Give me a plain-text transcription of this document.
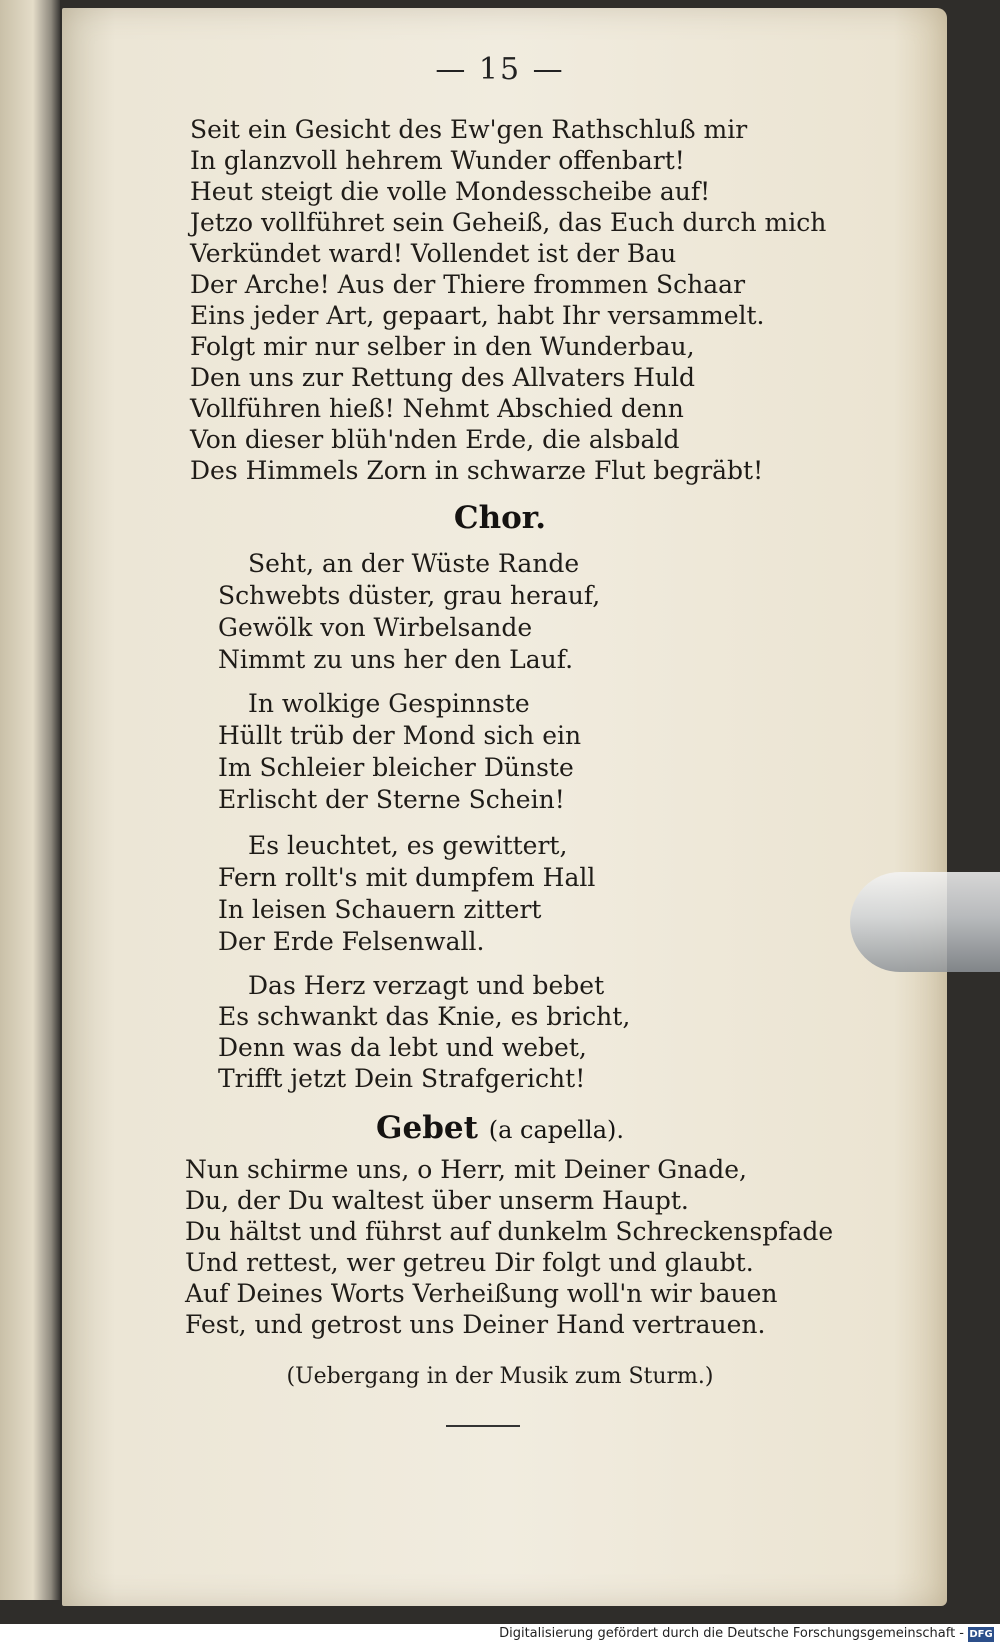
— 15 —
Seit ein Gesicht des Ew'gen Rathschluß mir
In glanzvoll hehrem Wunder offenbart!
Heut steigt die volle Mondesscheibe auf!
Jetzo vollführet sein Geheiß, das Euch durch mich
Verkündet ward! Vollendet ist der Bau
Der Arche! Aus der Thiere frommen Schaar
Eins jeder Art, gepaart, habt Ihr versammelt.
Folgt mir nur selber in den Wunderbau,
Den uns zur Rettung des Allvaters Huld
Vollführen hieß! Nehmt Abschied denn
Von dieser blüh'nden Erde, die alsbald
Des Himmels Zorn in schwarze Flut begräbt!
Chor.
Seht, an der Wüste Rande
Schwebts düster, grau herauf,
Gewölk von Wirbelsande
Nimmt zu uns her den Lauf.
In wolkige Gespinnste
Hüllt trüb der Mond sich ein
Im Schleier bleicher Dünste
Erlischt der Sterne Schein!
Es leuchtet, es gewittert,
Fern rollt's mit dumpfem Hall
In leisen Schauern zittert
Der Erde Felsenwall.
Das Herz verzagt und bebet
Es schwankt das Knie, es bricht,
Denn was da lebt und webet,
Trifft jetzt Dein Strafgericht!
Gebet (a capella).
Nun schirme uns, o Herr, mit Deiner Gnade,
Du, der Du waltest über unserm Haupt.
Du hältst und führst auf dunkelm Schreckenspfade
Und rettest, wer getreu Dir folgt und glaubt.
Auf Deines Worts Verheißung woll'n wir bauen
Fest, und getrost uns Deiner Hand vertrauen.
(Uebergang in der Musik zum Sturm.)
Digitalisierung gefördert durch die Deutsche Forschungsgemeinschaft - DFG
